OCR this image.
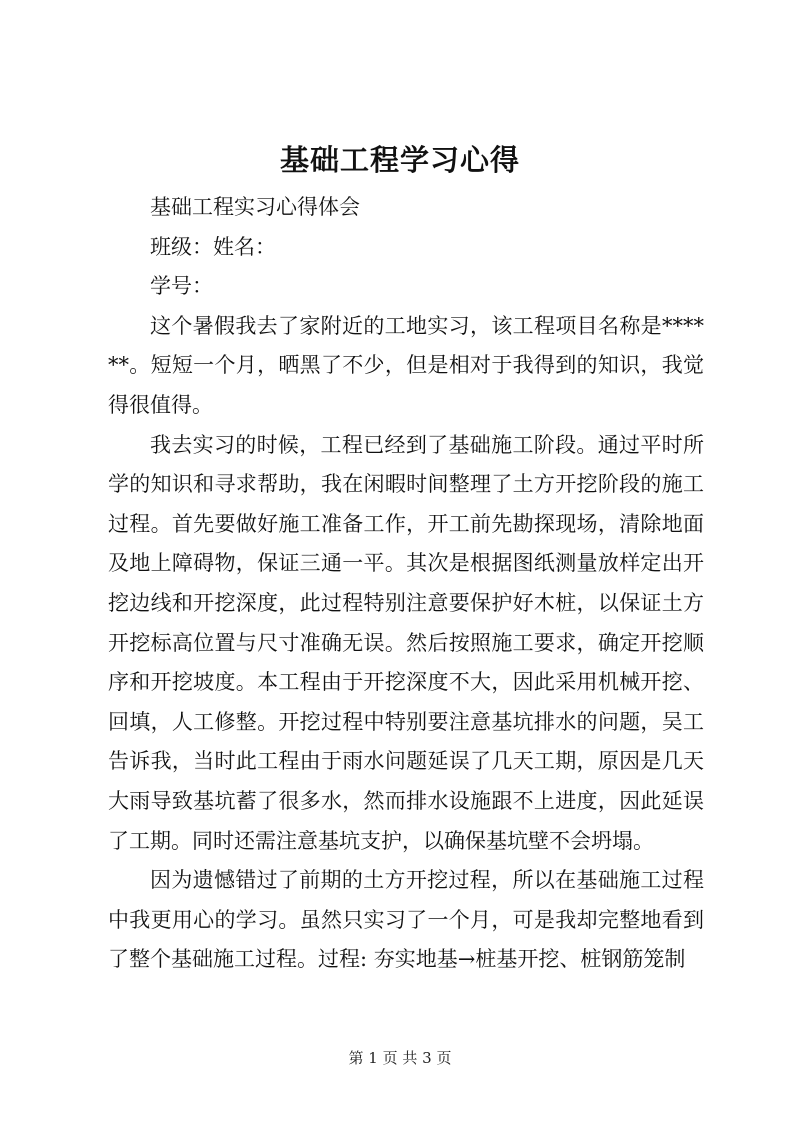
基础工程学习心得

基础工程实习心得体会

班级：姓名：

学号：

这个暑假我去了家附近的工地实习，该工程项目名称是******。短短一个月，晒黑了不少，但是相对于我得到的知识，我觉得很值得。

我去实习的时候，工程已经到了基础施工阶段。通过平时所学的知识和寻求帮助，我在闲暇时间整理了土方开挖阶段的施工过程。首先要做好施工准备工作，开工前先勘探现场，清除地面及地上障碍物，保证三通一平。其次是根据图纸测量放样定出开挖边线和开挖深度，此过程特别注意要保护好木桩，以保证土方开挖标高位置与尺寸准确无误。然后按照施工要求，确定开挖顺序和开挖坡度。本工程由于开挖深度不大，因此采用机械开挖、回填，人工修整。开挖过程中特别要注意基坑排水的问题，吴工告诉我，当时此工程由于雨水问题延误了几天工期，原因是几天大雨导致基坑蓄了很多水，然而排水设施跟不上进度，因此延误了工期。同时还需注意基坑支护，以确保基坑壁不会坍塌。

因为遗憾错过了前期的土方开挖过程，所以在基础施工过程中我更用心的学习。虽然只实习了一个月，可是我却完整地看到了整个基础施工过程。过程: 夯实地基→桩基开挖、桩钢筋笼制

第 1 页 共 3 页
